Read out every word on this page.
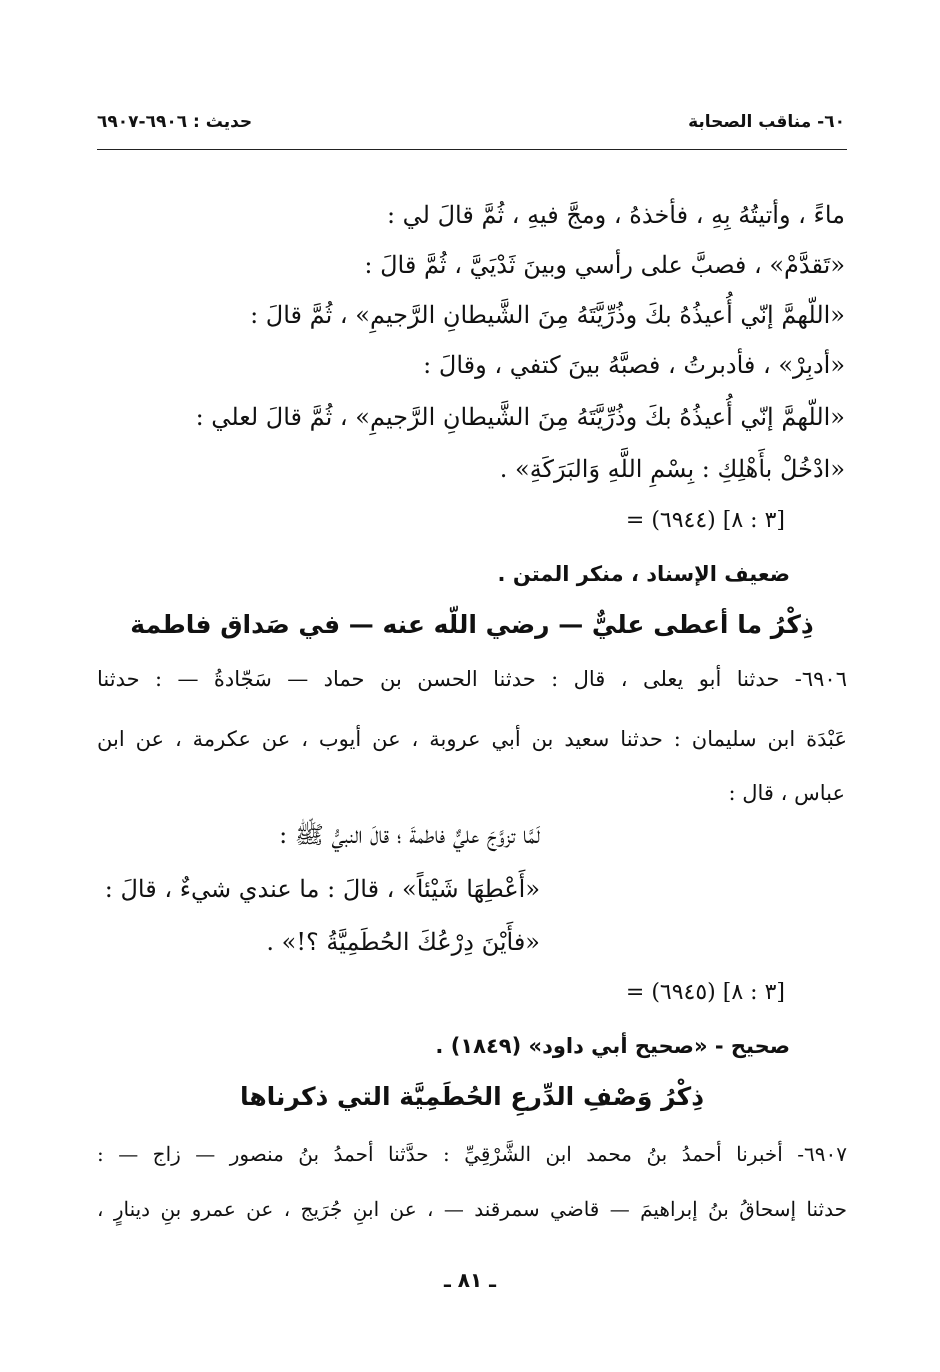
٦٠- مناقب الصحابة
حديث : ٦٩٠٦-٦٩٠٧
ماءً ، وأتيتُهُ بِهِ ، فأخذهُ ، ومجَّ فيهِ ، ثُمَّ قالَ لي :
«تَقدَّمْ» ، فصبَّ على رأسي وبينَ ثَدْيَيَّ ، ثُمَّ قالَ :
«اللّهمَّ إنّي أُعيذُهُ بكَ وذُرِّيَّتَهُ مِنَ الشَّيطانِ الرَّجيمِ» ، ثُمَّ قالَ :
«أدبِرْ» ، فأدبرتُ ، فصبَّهُ بينَ كتفي ، وقالَ :
«اللّهمَّ إنّي أُعيذُهُ بكَ وذُرِّيَّتَهُ مِنَ الشَّيطانِ الرَّجيمِ» ، ثُمَّ قالَ لعلي :
«ادْخُلْ بأَهْلِكِ : بِسْمِ اللَّهِ وَالبَرَكَةِ» .
= (٦٩٤٤) [٣ : ٨]
ضعيف الإسناد ، منكر المتن .
ذِكْرُ ما أعطى عليٌّ — رضي اللّه عنه — في صَداق فاطمة
٦٩٠٦- حدثنا أبو يعلى ، قال : حدثنا الحسن بن حماد — سَجّادةُ — : حدثنا
عَبْدَة ابن سليمان : حدثنا سعيد بن أبي عروبة ، عن أيوب ، عن عكرمة ، عن ابن
عباس ، قال :
لَمَّا تزوَّجَ عليٌّ فاطمةَ ؛ قالَ النبيُّ ﷺ :
«أَعْطِهَا شَيْئاً» ، قالَ : ما عندي شيءٌ ، قالَ :
«فأَيْنَ دِرْعُكَ الحُطَمِيَّةُ ؟!» .
= (٦٩٤٥) [٣ : ٨]
صحيح - «صحيح أبي داود» (١٨٤٩) .
ذِكْرُ وَصْفِ الدِّرعِ الحُطَمِيَّة التي ذكرناها
٦٩٠٧- أخبرنا أحمدُ بنُ محمد ابن الشَّرْقِيِّ : حدَّثنا أحمدُ بنُ منصور — زاج — :
حدثنا إسحاقُ بنُ إبراهيمَ — قاضي سمرقند — ، عن ابنِ جُرَيج ، عن عمرو بنِ دينارٍ ،
ـ ٨١ ـ
